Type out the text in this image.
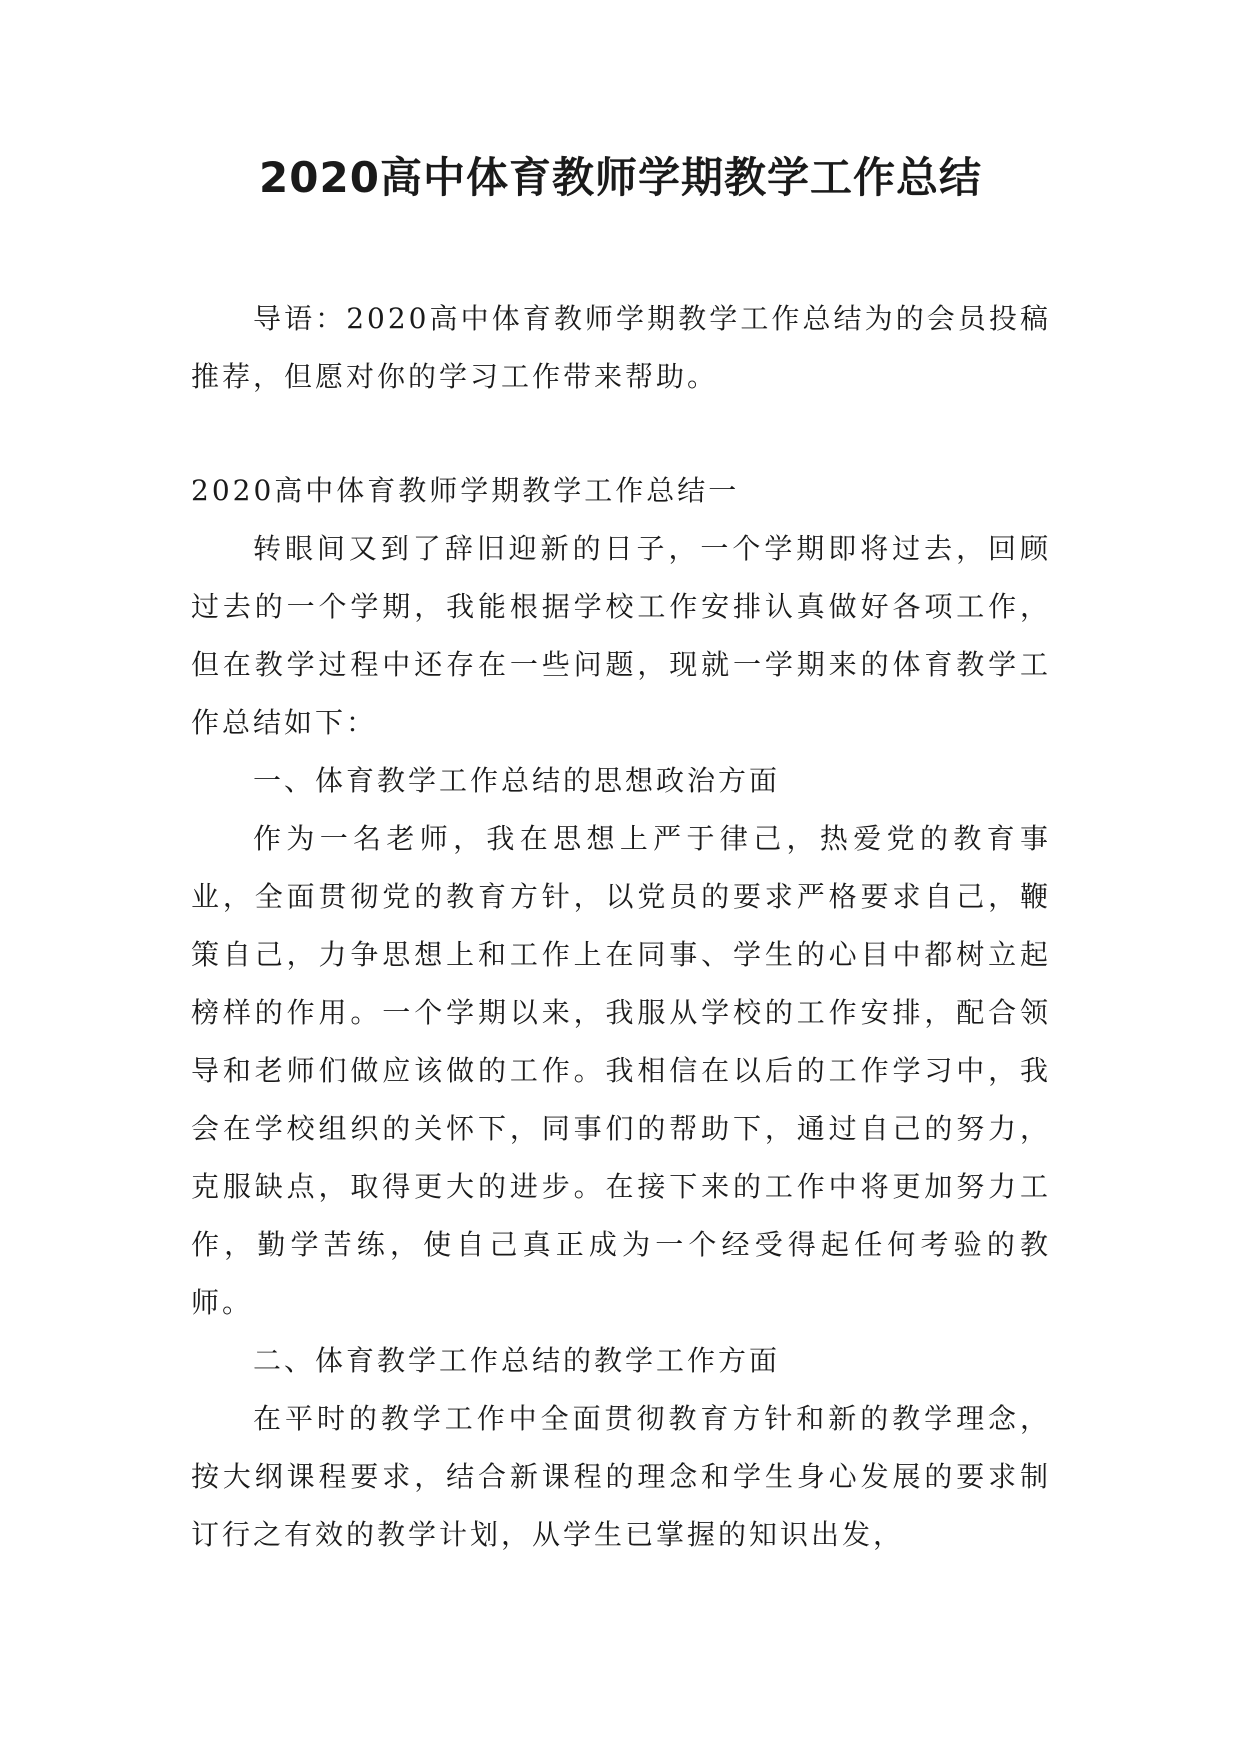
2020高中体育教师学期教学工作总结

导语：2020高中体育教师学期教学工作总结为的会员投稿推荐，但愿对你的学习工作带来帮助。

2020高中体育教师学期教学工作总结一

转眼间又到了辞旧迎新的日子，一个学期即将过去，回顾过去的一个学期，我能根据学校工作安排认真做好各项工作，但在教学过程中还存在一些问题，现就一学期来的体育教学工作总结如下：

一、体育教学工作总结的思想政治方面

作为一名老师，我在思想上严于律己，热爱党的教育事业，全面贯彻党的教育方针，以党员的要求严格要求自己，鞭策自己，力争思想上和工作上在同事、学生的心目中都树立起榜样的作用。一个学期以来，我服从学校的工作安排，配合领导和老师们做应该做的工作。我相信在以后的工作学习中，我会在学校组织的关怀下，同事们的帮助下，通过自己的努力，克服缺点，取得更大的进步。在接下来的工作中将更加努力工作，勤学苦练，使自己真正成为一个经受得起任何考验的教师。

二、体育教学工作总结的教学工作方面

在平时的教学工作中全面贯彻教育方针和新的教学理念，按大纲课程要求，结合新课程的理念和学生身心发展的要求制订行之有效的教学计划，从学生已掌握的知识出发，
